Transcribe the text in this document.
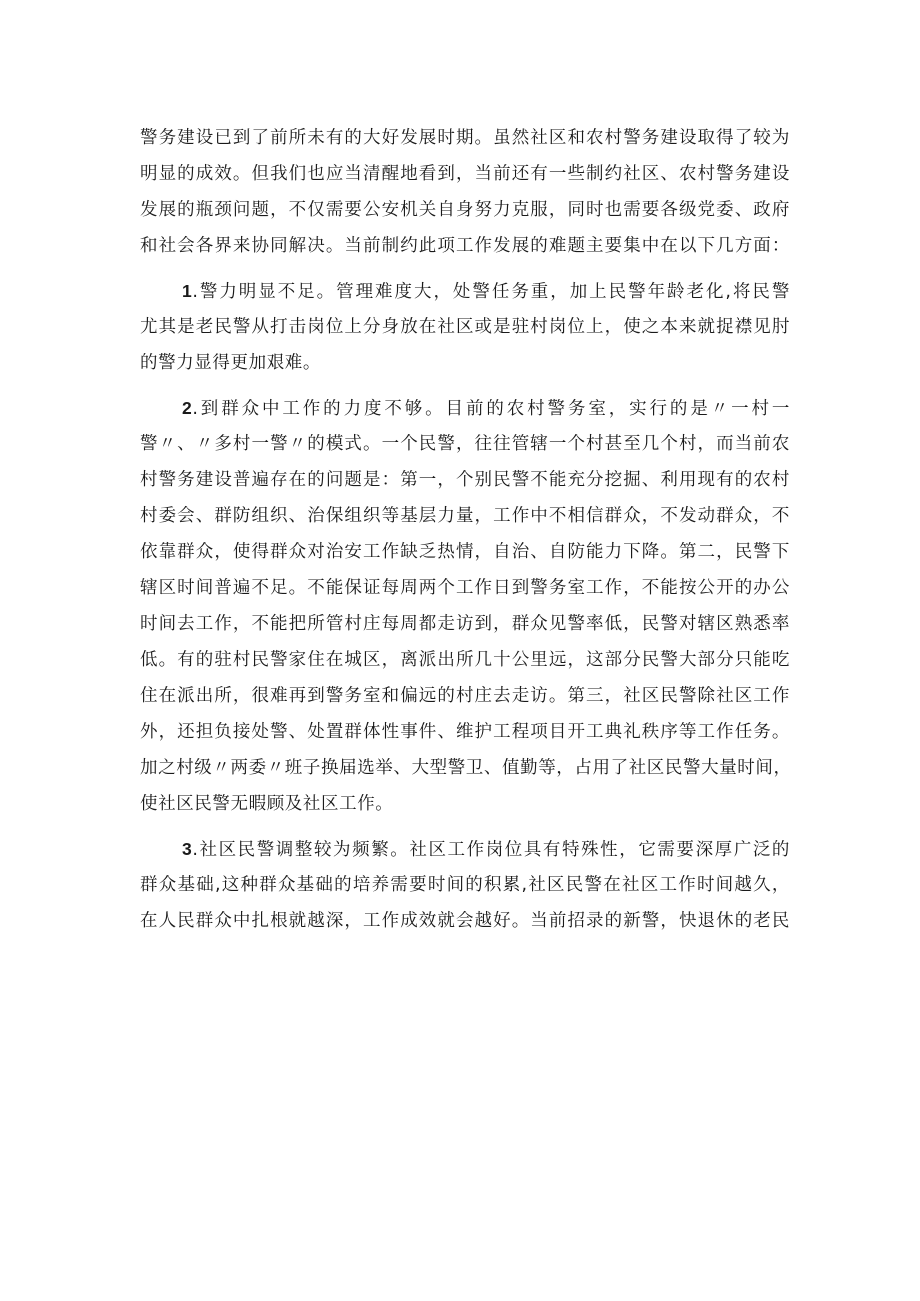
警务建设已到了前所未有的大好发展时期。虽然社区和农村警务建设取得了较为
明显的成效。但我们也应当清醒地看到，当前还有一些制约社区、农村警务建设
发展的瓶颈问题，不仅需要公安机关自身努力克服，同时也需要各级党委、政府
和社会各界来协同解决。当前制约此项工作发展的难题主要集中在以下几方面：
1.警力明显不足。管理难度大，处警任务重，加上民警年龄老化,将民警
尤其是老民警从打击岗位上分身放在社区或是驻村岗位上，使之本来就捉襟见肘
的警力显得更加艰难。
2.到群众中工作的力度不够。目前的农村警务室，实行的是〃一村一
警〃、〃多村一警〃的模式。一个民警，往往管辖一个村甚至几个村，而当前农
村警务建设普遍存在的问题是：第一，个别民警不能充分挖掘、利用现有的农村
村委会、群防组织、治保组织等基层力量，工作中不相信群众，不发动群众，不
依靠群众，使得群众对治安工作缺乏热情，自治、自防能力下降。第二，民警下
辖区时间普遍不足。不能保证每周两个工作日到警务室工作，不能按公开的办公
时间去工作，不能把所管村庄每周都走访到，群众见警率低，民警对辖区熟悉率
低。有的驻村民警家住在城区，离派出所几十公里远，这部分民警大部分只能吃
住在派出所，很难再到警务室和偏远的村庄去走访。第三，社区民警除社区工作
外，还担负接处警、处置群体性事件、维护工程项目开工典礼秩序等工作任务。
加之村级〃两委〃班子换届选举、大型警卫、值勤等，占用了社区民警大量时间，
使社区民警无暇顾及社区工作。
3.社区民警调整较为频繁。社区工作岗位具有特殊性，它需要深厚广泛的
群众基础,这种群众基础的培养需要时间的积累,社区民警在社区工作时间越久，
在人民群众中扎根就越深，工作成效就会越好。当前招录的新警，快退休的老民
